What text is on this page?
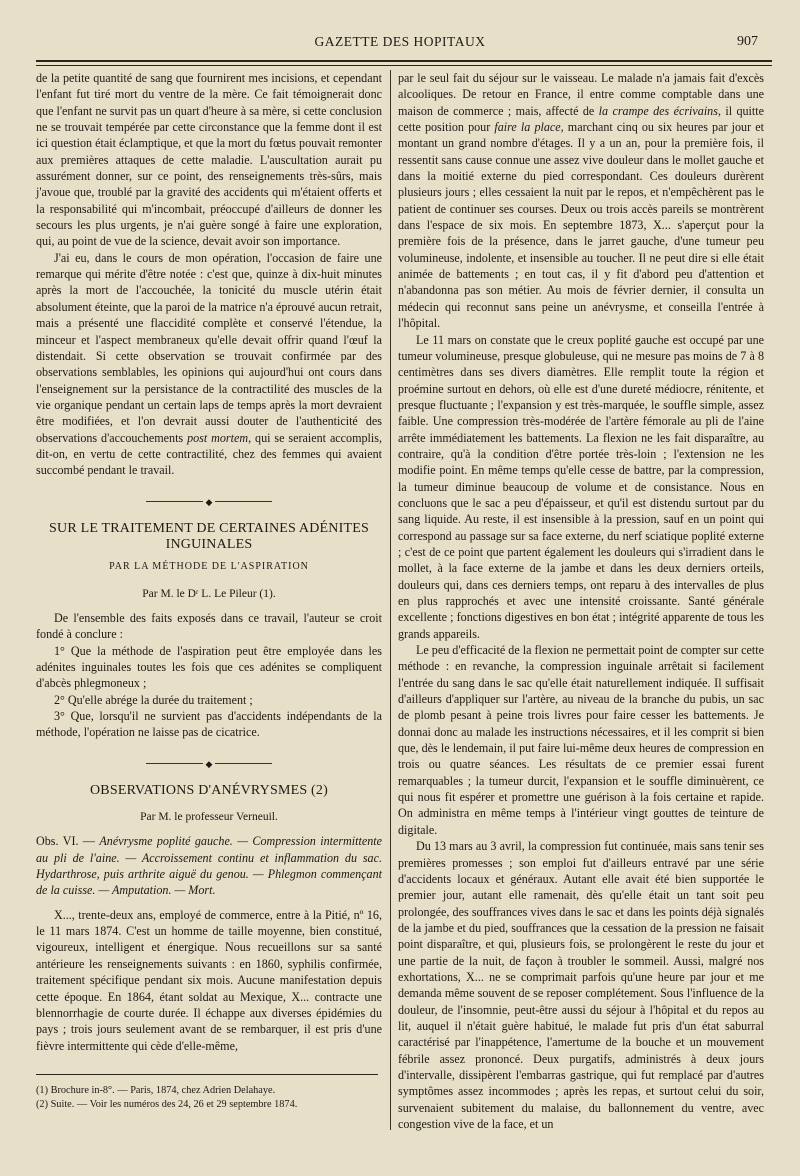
GAZETTE DES HOPITAUX	907

de la petite quantité de sang que fournirent mes incisions, et cependant l'enfant fut tiré mort du ventre de la mère. Ce fait témoignerait donc que l'enfant ne survit pas un quart d'heure à sa mère, si cette conclusion ne se trouvait tempérée par cette circonstance que la femme dont il est ici question était éclamptique, et que la mort du fœtus pouvait remonter aux premières attaques de cette maladie. L'auscultation aurait pu assurément donner, sur ce point, des renseignements très-sûrs, mais j'avoue que, troublé par la gravité des accidents qui m'étaient offerts et la responsabilité qui m'incombait, préoccupé d'ailleurs de donner les secours les plus urgents, je n'ai guère songé à faire une exploration, qui, au point de vue de la science, devait avoir son importance.

J'ai eu, dans le cours de mon opération, l'occasion de faire une remarque qui mérite d'être notée : c'est que, quinze à dix-huit minutes après la mort de l'accouchée, la tonicité du muscle utérin était absolument éteinte, que la paroi de la matrice n'a éprouvé aucun retrait, mais a présenté une flaccidité complète et conservé l'étendue, la minceur et l'aspect membraneux qu'elle devait offrir quand l'œuf la distendait. Si cette observation se trouvait confirmée par des observations semblables, les opinions qui aujourd'hui ont cours dans l'enseignement sur la persistance de la contractilité des muscles de la vie organique pendant un certain laps de temps après la mort devraient être modifiées, et l'on devrait aussi douter de l'authenticité des observations d'accouchements post mortem, qui se seraient accomplis, dit-on, en vertu de cette contractilité, chez des femmes qui avaient succombé pendant le travail.

◆
SUR LE TRAITEMENT DE CERTAINES ADÉNITES INGUINALES
PAR LA MÉTHODE DE L'ASPIRATION
Par M. le Dʳ L. Le Pileur (1).

De l'ensemble des faits exposés dans ce travail, l'auteur se croit fondé à conclure :

1° Que la méthode de l'aspiration peut être employée dans les adénites inguinales toutes les fois que ces adénites se compliquent d'abcès phlegmoneux ;

2° Qu'elle abrége la durée du traitement ;

3° Que, lorsqu'il ne survient pas d'accidents indépendants de la méthode, l'opération ne laisse pas de cicatrice.

◆
OBSERVATIONS D'ANÉVRYSMES (2)
Par M. le professeur Verneuil.

Obs. VI. — Anévrysme poplité gauche. — Compression intermittente au pli de l'aine. — Accroissement continu et inflammation du sac. Hydarthrose, puis arthrite aiguë du genou. — Phlegmon commençant de la cuisse. — Amputation. — Mort.

X..., trente-deux ans, employé de commerce, entre à la Pitié, nº 16, le 11 mars 1874. C'est un homme de taille moyenne, bien constitué, vigoureux, intelligent et énergique. Nous recueillons sur sa santé antérieure les renseignements suivants : en 1860, syphilis confirmée, traitement spécifique pendant six mois. Aucune manifestation depuis cette époque. En 1864, étant soldat au Mexique, X... contracte une blennorrhagie de courte durée. Il échappe aux diverses épidémies du pays ; trois jours seulement avant de se rembarquer, il est pris d'une fièvre intermittente qui cède d'elle-même,

(1) Brochure in-8°. — Paris, 1874, chez Adrien Delahaye.
(2) Suite. — Voir les numéros des 24, 26 et 29 septembre 1874.

par le seul fait du séjour sur le vaisseau. Le malade n'a jamais fait d'excès alcooliques. De retour en France, il entre comme comptable dans une maison de commerce ; mais, affecté de la crampe des écrivains, il quitte cette position pour faire la place, marchant cinq ou six heures par jour et montant un grand nombre d'étages. Il y a un an, pour la première fois, il ressentit sans cause connue une assez vive douleur dans le mollet gauche et dans la moitié externe du pied correspondant. Ces douleurs durèrent plusieurs jours ; elles cessaient la nuit par le repos, et n'empêchèrent pas le patient de continuer ses courses. Deux ou trois accès pareils se montrèrent dans l'espace de six mois. En septembre 1873, X... s'aperçut pour la première fois de la présence, dans le jarret gauche, d'une tumeur peu volumineuse, indolente, et insensible au toucher. Il ne peut dire si elle était animée de battements ; en tout cas, il y fit d'abord peu d'attention et n'abandonna pas son métier. Au mois de février dernier, il consulta un médecin qui reconnut sans peine un anévrysme, et conseilla l'entrée à l'hôpital.

Le 11 mars on constate que le creux poplité gauche est occupé par une tumeur volumineuse, presque globuleuse, qui ne mesure pas moins de 7 à 8 centimètres dans ses divers diamètres. Elle remplit toute la région et proémine surtout en dehors, où elle est d'une dureté médiocre, rénitente, et presque fluctuante ; l'expansion y est très-marquée, le souffle simple, assez faible. Une compression très-modérée de l'artère fémorale au pli de l'aine arrête immédiatement les battements. La flexion ne les fait disparaître, au contraire, qu'à la condition d'être portée très-loin ; l'extension ne les modifie point. En même temps qu'elle cesse de battre, par la compression, la tumeur diminue beaucoup de volume et de consistance. Nous en concluons que le sac a peu d'épaisseur, et qu'il est distendu surtout par du sang liquide. Au reste, il est insensible à la pression, sauf en un point qui correspond au passage sur sa face externe, du nerf sciatique poplité externe ; c'est de ce point que partent également les douleurs qui s'irradient dans le mollet, à la face externe de la jambe et dans les deux derniers orteils, douleurs qui, dans ces derniers temps, ont reparu à des intervalles de plus en plus rapprochés et avec une intensité croissante. Santé générale excellente ; fonctions digestives en bon état ; intégrité apparente de tous les grands appareils.

Le peu d'efficacité de la flexion ne permettait point de compter sur cette méthode : en revanche, la compression inguinale arrêtait si facilement l'entrée du sang dans le sac qu'elle était naturellement indiquée. Il suffisait d'ailleurs d'appliquer sur l'artère, au niveau de la branche du pubis, un sac de plomb pesant à peine trois livres pour faire cesser les battements. Je donnai donc au malade les instructions nécessaires, et il les comprit si bien que, dès le lendemain, il put faire lui-même deux heures de compression en trois ou quatre séances. Les résultats de ce premier essai furent remarquables ; la tumeur durcit, l'expansion et le souffle diminuèrent, ce qui nous fit espérer et promettre une guérison à la fois certaine et rapide. On administra en même temps à l'intérieur vingt gouttes de teinture de digitale.

Du 13 mars au 3 avril, la compression fut continuée, mais sans tenir ses premières promesses ; son emploi fut d'ailleurs entravé par une série d'accidents locaux et généraux. Autant elle avait été bien supportée le premier jour, autant elle ramenait, dès qu'elle était un tant soit peu prolongée, des souffrances vives dans le sac et dans les points déjà signalés de la jambe et du pied, souffrances que la cessation de la pression ne faisait point disparaître, et qui, plusieurs fois, se prolongèrent le reste du jour et une partie de la nuit, de façon à troubler le sommeil. Aussi, malgré nos exhortations, X... ne se comprimait parfois qu'une heure par jour et me demanda même souvent de se reposer complétement. Sous l'influence de la douleur, de l'insomnie, peut-être aussi du séjour à l'hôpital et du repos au lit, auquel il n'était guère habitué, le malade fut pris d'un état saburral caractérisé par l'inappétence, l'amertume de la bouche et un mouvement fébrile assez prononcé. Deux purgatifs, administrés à deux jours d'intervalle, dissipèrent l'embarras gastrique, qui fut remplacé par d'autres symptômes assez incommodes ; après les repas, et surtout celui du soir, survenaient subitement du malaise, du ballonnement du ventre, avec congestion vive de la face, et un
